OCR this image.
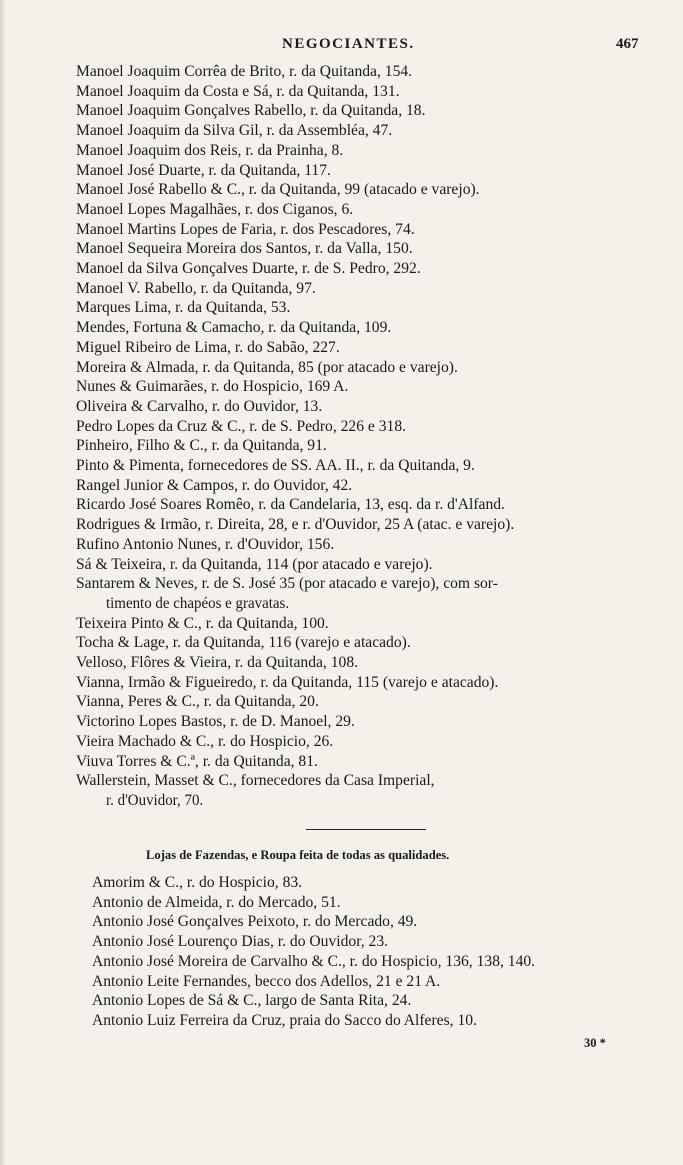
NEGOCIANTES.	467
Manoel Joaquim Corrêa de Brito, r. da Quitanda, 154.
Manoel Joaquim da Costa e Sá, r. da Quitanda, 131.
Manoel Joaquim Gonçalves Rabello, r. da Quitanda, 18.
Manoel Joaquim da Silva Gil, r. da Assembléa, 47.
Manoel Joaquim dos Reis, r. da Prainha, 8.
Manoel José Duarte, r. da Quitanda, 117.
Manoel José Rabello & C., r. da Quitanda, 99 (atacado e varejo).
Manoel Lopes Magalhães, r. dos Ciganos, 6.
Manoel Martins Lopes de Faria, r. dos Pescadores, 74.
Manoel Sequeira Moreira dos Santos, r. da Valla, 150.
Manoel da Silva Gonçalves Duarte, r. de S. Pedro, 292.
Manoel V. Rabello, r. da Quitanda, 97.
Marques Lima, r. da Quitanda, 53.
Mendes, Fortuna & Camacho, r. da Quitanda, 109.
Miguel Ribeiro de Lima, r. do Sabão, 227.
Moreira & Almada, r. da Quitanda, 85 (por atacado e varejo).
Nunes & Guimarães, r. do Hospicio, 169 A.
Oliveira & Carvalho, r. do Ouvidor, 13.
Pedro Lopes da Cruz & C., r. de S. Pedro, 226 e 318.
Pinheiro, Filho & C., r. da Quitanda, 91.
Pinto & Pimenta, fornecedores de SS. AA. II., r. da Quitanda, 9.
Rangel Junior & Campos, r. do Ouvidor, 42.
Ricardo José Soares Romêo, r. da Candelaria, 13, esq. da r. d'Alfand.
Rodrigues & Irmão, r. Direita, 28, e r. d'Ouvidor, 25 A (atac. e varejo).
Rufino Antonio Nunes, r. d'Ouvidor, 156.
Sá & Teixeira, r. da Quitanda, 114 (por atacado e varejo).
Santarem & Neves, r. de S. José 35 (por atacado e varejo), com sor-
timento de chapéos e gravatas.
Teixeira Pinto & C., r. da Quitanda, 100.
Tocha & Lage, r. da Quitanda, 116 (varejo e atacado).
Velloso, Flôres & Vieira, r. da Quitanda, 108.
Vianna, Irmão & Figueiredo, r. da Quitanda, 115 (varejo e atacado).
Vianna, Peres & C., r. da Quitanda, 20.
Victorino Lopes Bastos, r. de D. Manoel, 29.
Vieira Machado & C., r. do Hospicio, 26.
Viuva Torres & C.ª, r. da Quitanda, 81.
Wallerstein, Masset & C., fornecedores da Casa Imperial,
r. d'Ouvidor, 70.
Lojas de Fazendas, e Roupa feita de todas as qualidades.
Amorim & C., r. do Hospicio, 83.
Antonio de Almeida, r. do Mercado, 51.
Antonio José Gonçalves Peixoto, r. do Mercado, 49.
Antonio José Lourenço Dias, r. do Ouvidor, 23.
Antonio José Moreira de Carvalho & C., r. do Hospicio, 136, 138, 140.
Antonio Leite Fernandes, becco dos Adellos, 21 e 21 A.
Antonio Lopes de Sá & C., largo de Santa Rita, 24.
Antonio Luiz Ferreira da Cruz, praia do Sacco do Alferes, 10.
30 *
